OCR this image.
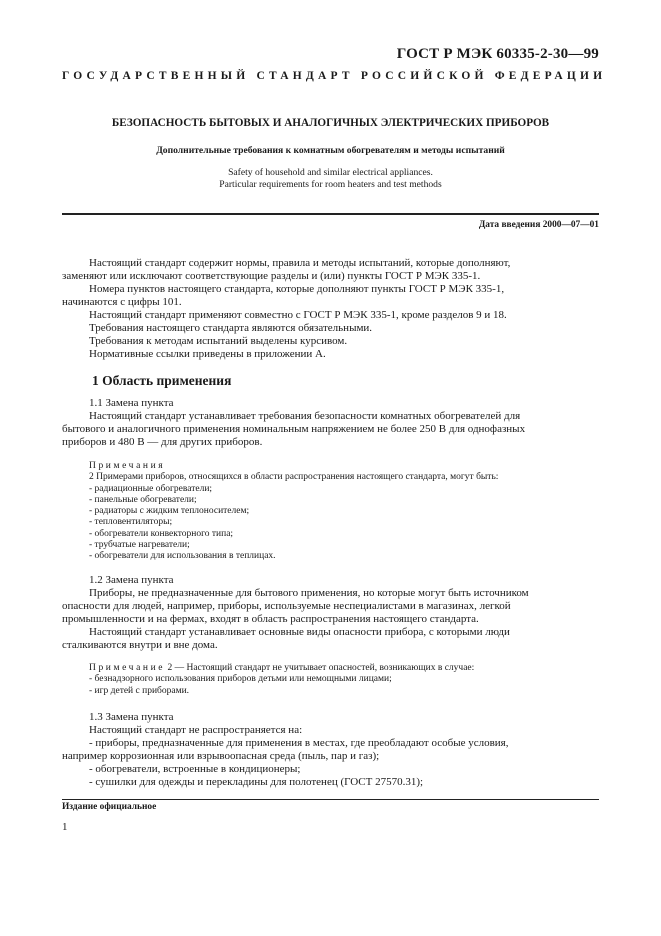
ГОСТ Р МЭК 60335-2-30—99
ГОСУДАРСТВЕННЫЙ СТАНДАРТ РОССИЙСКОЙ ФЕДЕРАЦИИ
БЕЗОПАСНОСТЬ БЫТОВЫХ И АНАЛОГИЧНЫХ ЭЛЕКТРИЧЕСКИХ ПРИБОРОВ
Дополнительные требования к комнатным обогревателям и методы испытаний
Safety of household and similar electrical appliances.
Particular requirements for room heaters and test methods
Дата введения 2000—07—01
Настоящий стандарт содержит нормы, правила и методы испытаний, которые дополняют,
заменяют или исключают соответствующие разделы и (или) пункты ГОСТ Р МЭК 335-1.
Номера пунктов настоящего стандарта, которые дополняют пункты ГОСТ Р МЭК 335-1,
начинаются с цифры 101.
Настоящий стандарт применяют совместно с ГОСТ Р МЭК 335-1, кроме разделов 9 и 18.
Требования настоящего стандарта являются обязательными.
Требования к методам испытаний выделены курсивом.
Нормативные ссылки приведены в приложении А.
1 Область применения
1.1 Замена пункта
Настоящий стандарт устанавливает требования безопасности комнатных обогревателей для
бытового и аналогичного применения номинальным напряжением не более 250 В для однофазных
приборов и 480 В — для других приборов.
Примечания
2 Примерами приборов, относящихся в области распространения настоящего стандарта, могут быть:
- радиационные обогреватели;
- панельные обогреватели;
- радиаторы с жидким теплоносителем;
- тепловентиляторы;
- обогреватели конвекторного типа;
- трубчатые нагреватели;
- обогреватели для использования в теплицах.
1.2 Замена пункта
Приборы, не предназначенные для бытового применения, но которые могут быть источником
опасности для людей, например, приборы, используемые неспециалистами в магазинах, легкой
промышленности и на фермах, входят в область распространения настоящего стандарта.
Настоящий стандарт устанавливает основные виды опасности прибора, с которыми люди
сталкиваются внутри и вне дома.
Примечание 2 — Настоящий стандарт не учитывает опасностей, возникающих в случае:
- безнадзорного использования приборов детьми или немощными лицами;
- игр детей с приборами.
1.3 Замена пункта
Настоящий стандарт не распространяется на:
- приборы, предназначенные для применения в местах, где преобладают особые условия,
например коррозионная или взрывоопасная среда (пыль, пар и газ);
- обогреватели, встроенные в кондиционеры;
- сушилки для одежды и перекладины для полотенец (ГОСТ 27570.31);
Издание официальное
1
